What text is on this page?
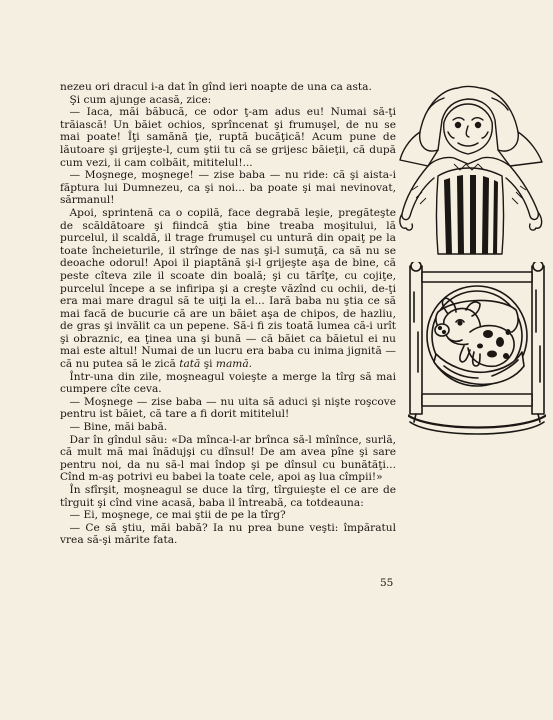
nezeu ori dracul i-a dat în gînd ieri noapte de una ca asta.

Şi cum ajunge acasă, zice:

— Iaca, măi băbucă, ce odor ţ-am adus eu! Numai să-ţi trăiască! Un băiet ochios, sprîncenat şi frumuşel, de nu se mai poate! Îţi samănă ţie, ruptă bucăţică! Acum pune de lăutoare şi grijeşte-l, cum ştii tu că se grijesc băieţii, că după cum vezi, ii cam colbăit, mititelul!...

— Moşnege, moşnege! — zise baba — nu ride: că şi aista-i făptura lui Dumnezeu, ca şi noi... ba poate şi mai nevinovat, sărmanul!

Apoi, sprintenă ca o copilă, face degrabă leşie, pregăteşte de scăldătoare şi fiindcă ştia bine treaba moşitului, lă purcelul, il scaldă, il trage frumuşel cu untură din opaiţ pe la toate încheieturile, il strînge de nas şi-l sumuţă, ca să nu se deoache odorul! Apoi il piaptănă şi-l grijeşte aşa de bine, că peste cîteva zile il scoate din boală; şi cu tărîţe, cu cojiţe, purcelul începe a se infiripa şi a creşte văzînd cu ochii, de-ţi era mai mare dragul să te uiţi la el... Iară baba nu ştia ce să mai facă de bucurie că are un băiet aşa de chipos, de hazliu, de gras şi invălit ca un pepene. Să-i fi zis toată lumea că-i urît şi obraznic, ea ţinea una şi bună — că băiet ca băietul ei nu mai este altul! Numai de un lucru era baba cu inima jignită — că nu putea să le zică tată şi mamă.

Într-una din zile, moşneagul voieşte a merge la tîrg să mai cumpere cîte ceva.

— Moşnege — zise baba — nu uita să aduci şi nişte roşcove pentru ist băiet, că tare a fi dorit mititelul!

— Bine, măi babă.

Dar în gîndul său: «Da mînca-l-ar brînca să-l mînînce, surlă, că mult mă mai înădujşi cu dînsul! De am avea pîne şi sare pentru noi, da nu să-l mai îndop şi pe dînsul cu bunătăţi... Cînd m-aş potrivi eu babei la toate cele, apoi aş lua cîmpii!»

În sfîrşit, moşneagul se duce la tîrg, tîrguieşte el ce are de tîrguit şi cînd vine acasă, baba il întreabă, ca totdeauna:

— Ei, moşnege, ce mai ştii de pe la tîrg?

— Ce să ştiu, măi babă? Ia nu prea bune veşti: împăratul vrea să-şi mărite fata.

55
